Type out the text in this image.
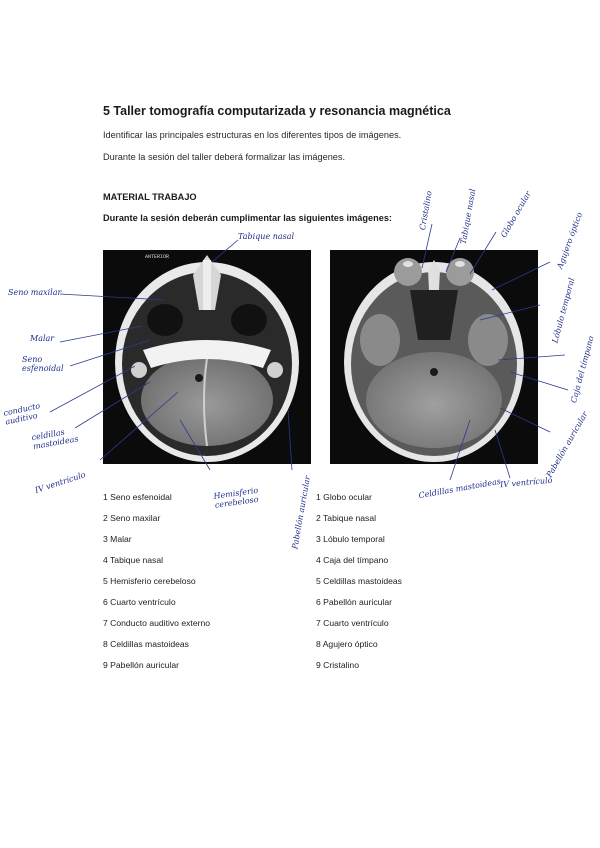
5 Taller tomografía computarizada y resonancia magnética
Identificar las principales estructuras en los diferentes tipos de imágenes.
Durante la sesión del taller deberá formalizar las imágenes.
MATERIAL TRABAJO
Durante la sesión deberán cumplimentar las siguientes imágenes:
ANTERIOR
1 Seno esfenoidal
2 Seno maxilar
3 Malar
4 Tabique nasal
5 Hemisferio cerebeloso
6 Cuarto ventrículo
7 Conducto auditivo externo
8 Celdillas mastoideas
9 Pabellón auricular
1 Globo ocular
2 Tabique nasal
3 Lóbulo temporal
4 Caja del tímpano
5 Celdillas mastoideas
6 Pabellón auricular
7 Cuarto ventrículo
8 Agujero óptico
9 Cristalino
Tabique nasal
Seno maxilar
Malar
Seno esfenoidal
conducto auditivo
celdillas mastoideas
IV ventrículo	Hemisferio cerebeloso	Pabellón auricular
Cristalino	Tabique nasal	Globo ocular	Agujero óptico
Lóbulo temporal
Caja del tímpano
Pabellón auricular
Celdillas mastoideas
IV ventrículo
